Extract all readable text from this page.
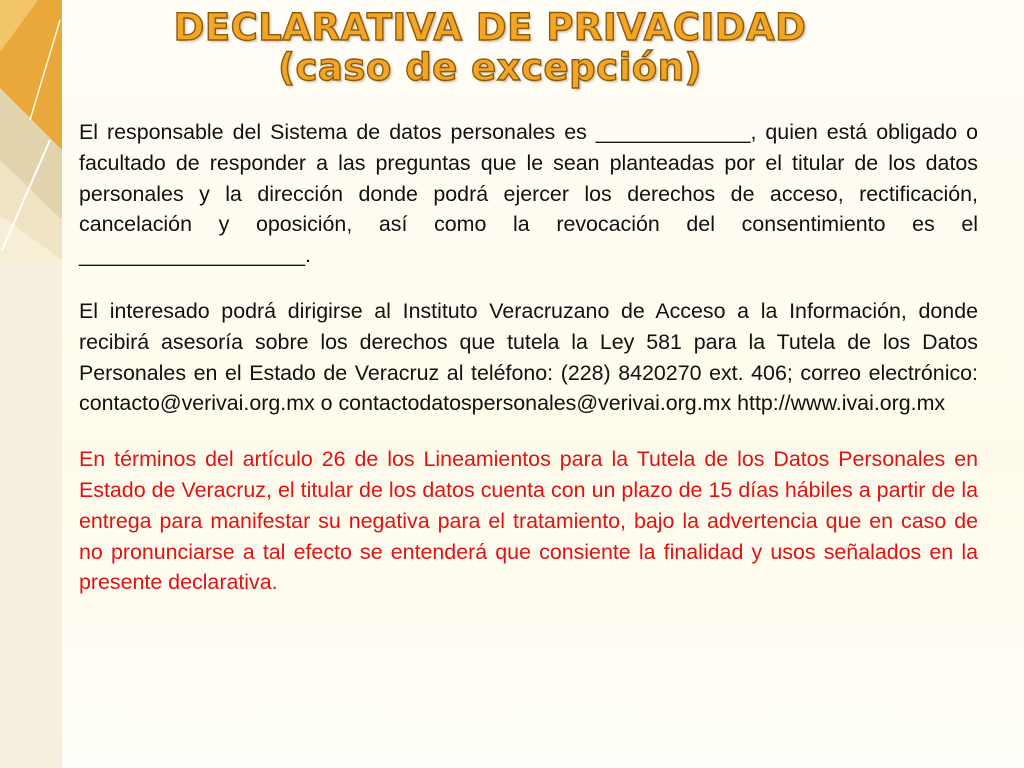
DECLARATIVA DE PRIVACIDAD
(caso de excepción)

El responsable del Sistema de datos personales es _____________, quien está obligado o facultado de responder a las preguntas que le sean planteadas por el titular de los datos personales y la dirección donde podrá ejercer los derechos de acceso, rectificación, cancelación y oposición, así como la revocación del consentimiento es el ___________________.

El interesado podrá dirigirse al Instituto Veracruzano de Acceso a la Información, donde recibirá asesoría sobre los derechos que tutela la Ley 581 para la Tutela de los Datos Personales en el Estado de Veracruz al teléfono: (228) 8420270 ext. 406; correo electrónico: contacto@verivai.org.mx o contactodatospersonales@verivai.org.mx http://www.ivai.org.mx

En términos del artículo 26 de los Lineamientos para la Tutela de los Datos Personales en Estado de Veracruz, el titular de los datos cuenta con un plazo de 15 días hábiles a partir de la entrega para manifestar su negativa para el tratamiento, bajo la advertencia que en caso de no pronunciarse a tal efecto se entenderá que consiente la finalidad y usos señalados en la presente declarativa.
